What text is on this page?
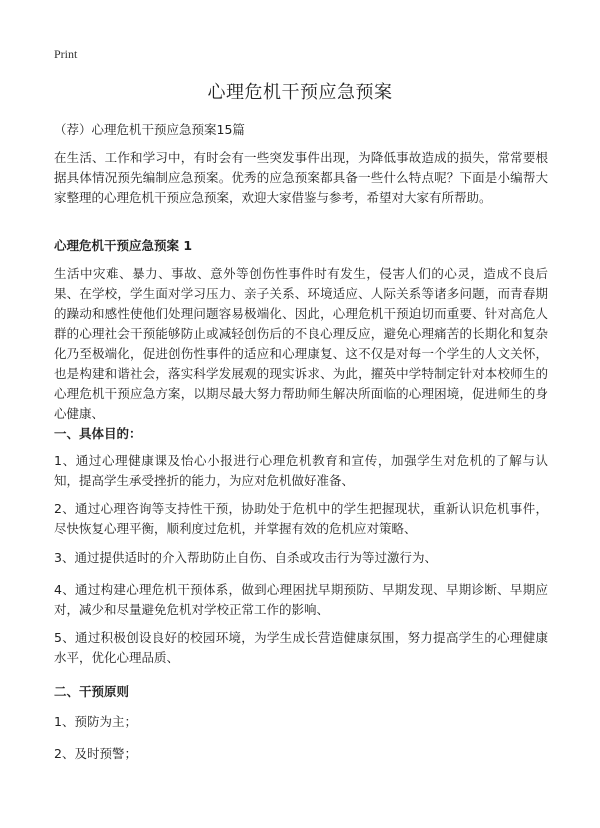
Print
心理危机干预应急预案
（荐）心理危机干预应急预案15篇
在生活、工作和学习中，有时会有一些突发事件出现，为降低事故造成的损失，常常要根据具体情况预先编制应急预案。优秀的应急预案都具备一些什么特点呢？下面是小编帮大家整理的心理危机干预应急预案，欢迎大家借鉴与参考，希望对大家有所帮助。
心理危机干预应急预案 1
生活中灾难、暴力、事故、意外等创伤性事件时有发生，侵害人们的心灵，造成不良后果、在学校，学生面对学习压力、亲子关系、环境适应、人际关系等诸多问题，而青春期的躁动和感性使他们处理问题容易极端化、因此，心理危机干预迫切而重要、针对高危人群的心理社会干预能够防止或减轻创伤后的不良心理反应，避免心理痛苦的长期化和复杂化乃至极端化，促进创伤性事件的适应和心理康复、这不仅是对每一个学生的人文关怀，也是构建和谐社会，落实科学发展观的现实诉求、为此，擢英中学特制定针对本校师生的心理危机干预应急方案，以期尽最大努力帮助师生解决所面临的心理困境，促进师生的身心健康、
一、具体目的：
1、通过心理健康课及怡心小报进行心理危机教育和宣传，加强学生对危机的了解与认知，提高学生承受挫折的能力，为应对危机做好准备、
2、通过心理咨询等支持性干预，协助处于危机中的学生把握现状，重新认识危机事件，尽快恢复心理平衡，顺利度过危机，并掌握有效的危机应对策略、
3、通过提供适时的介入帮助防止自伤、自杀或攻击行为等过激行为、
4、通过构建心理危机干预体系，做到心理困扰早期预防、早期发现、早期诊断、早期应对，减少和尽量避免危机对学校正常工作的影响、
5、通过积极创设良好的校园环境，为学生成长营造健康氛围，努力提高学生的心理健康水平，优化心理品质、
二、干预原则
1、预防为主；
2、及时预警；
